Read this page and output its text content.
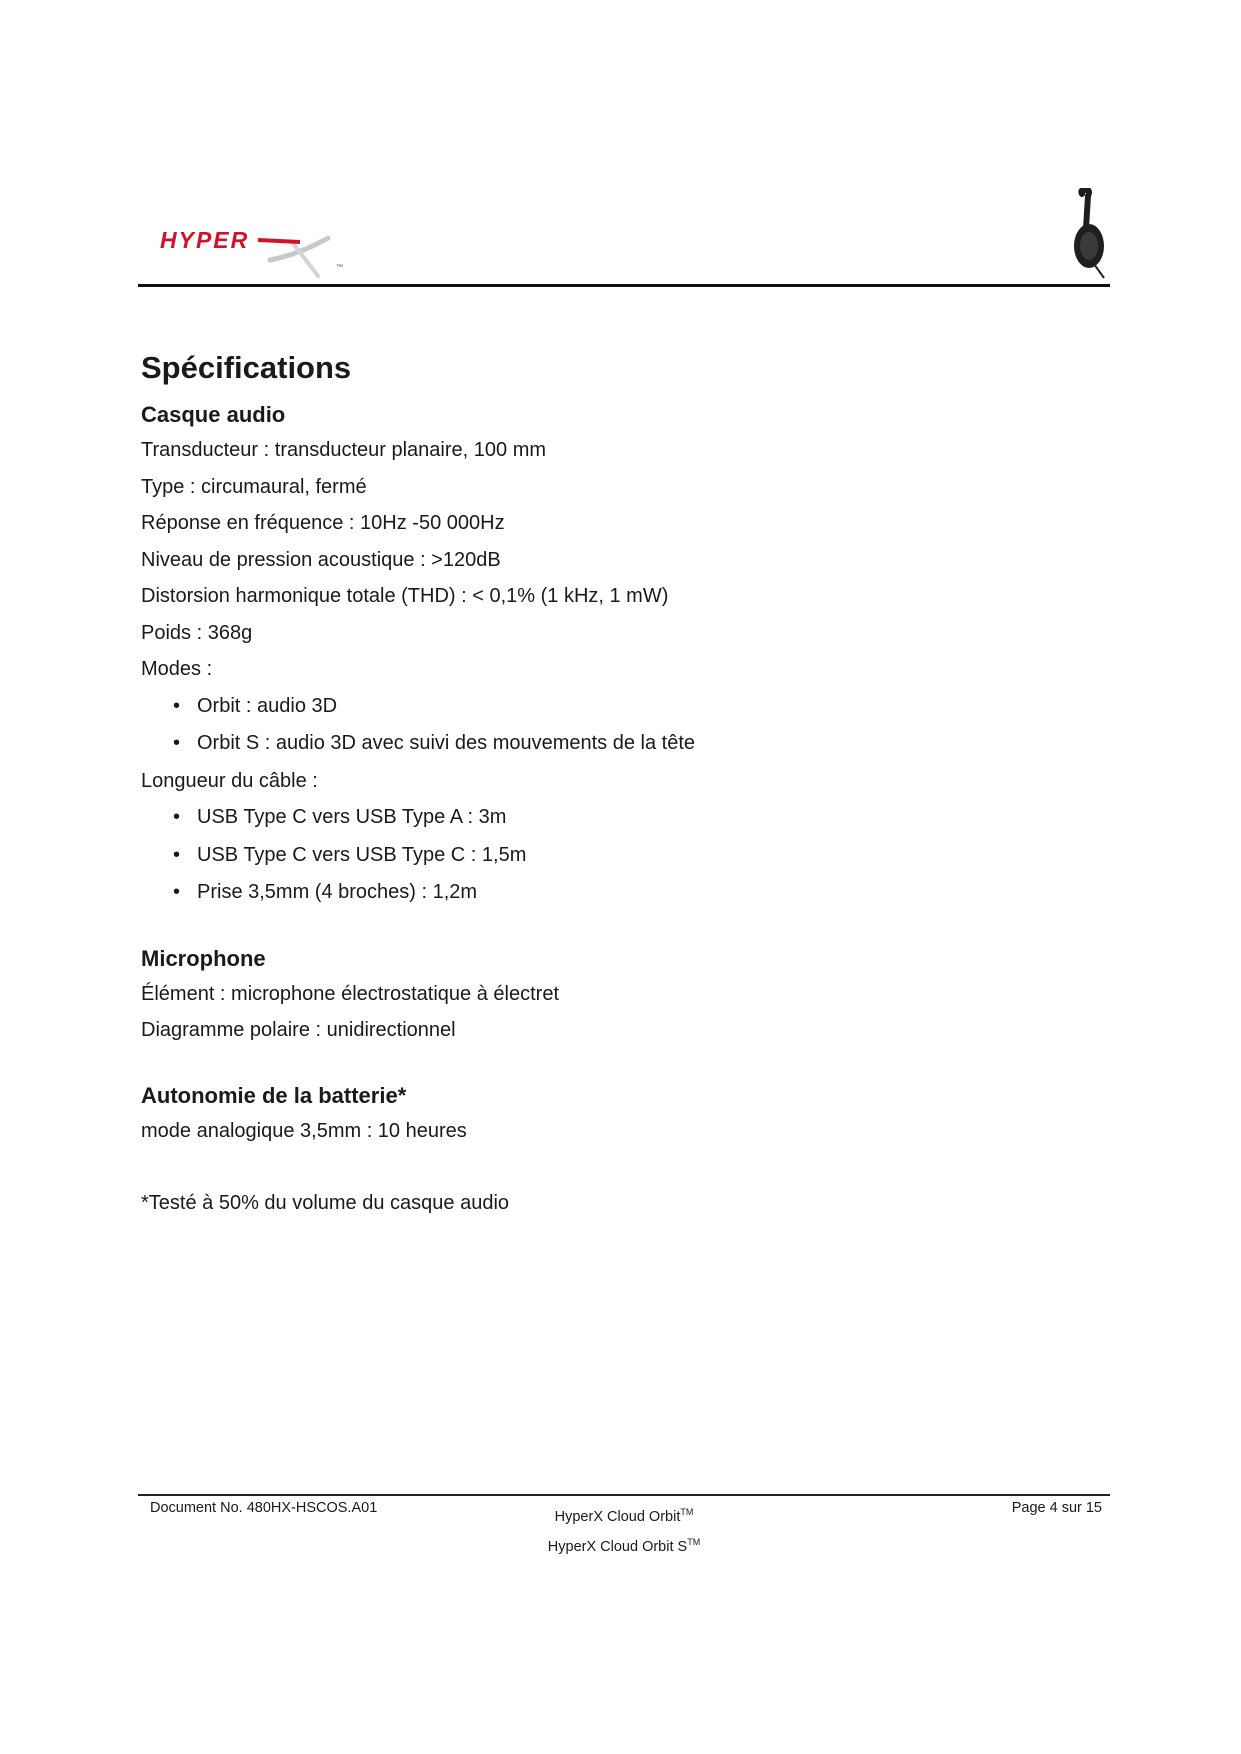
HYPER
™
Spécifications
Casque audio

Transducteur : transducteur planaire, 100 mm

Type : circumaural, fermé

Réponse en fréquence : 10Hz -50 000Hz

Niveau de pression acoustique : >120dB

Distorsion harmonique totale (THD) : < 0,1% (1 kHz, 1 mW)

Poids : 368g

Modes :

• Orbit : audio 3D
• Orbit S : audio 3D avec suivi des mouvements de la tête

Longueur du câble :

• USB Type C vers USB Type A : 3m
• USB Type C vers USB Type C : 1,5m
• Prise 3,5mm (4 broches) : 1,2m
Microphone

Élément : microphone électrostatique à électret

Diagramme polaire : unidirectionnel

Autonomie de la batterie*

mode analogique 3,5mm : 10 heures

*Testé à 50% du volume du casque audio

Document No. 480HX-HSCOS.A01
HyperX Cloud Orbit™
HyperX Cloud Orbit S™
Page 4 sur 15
